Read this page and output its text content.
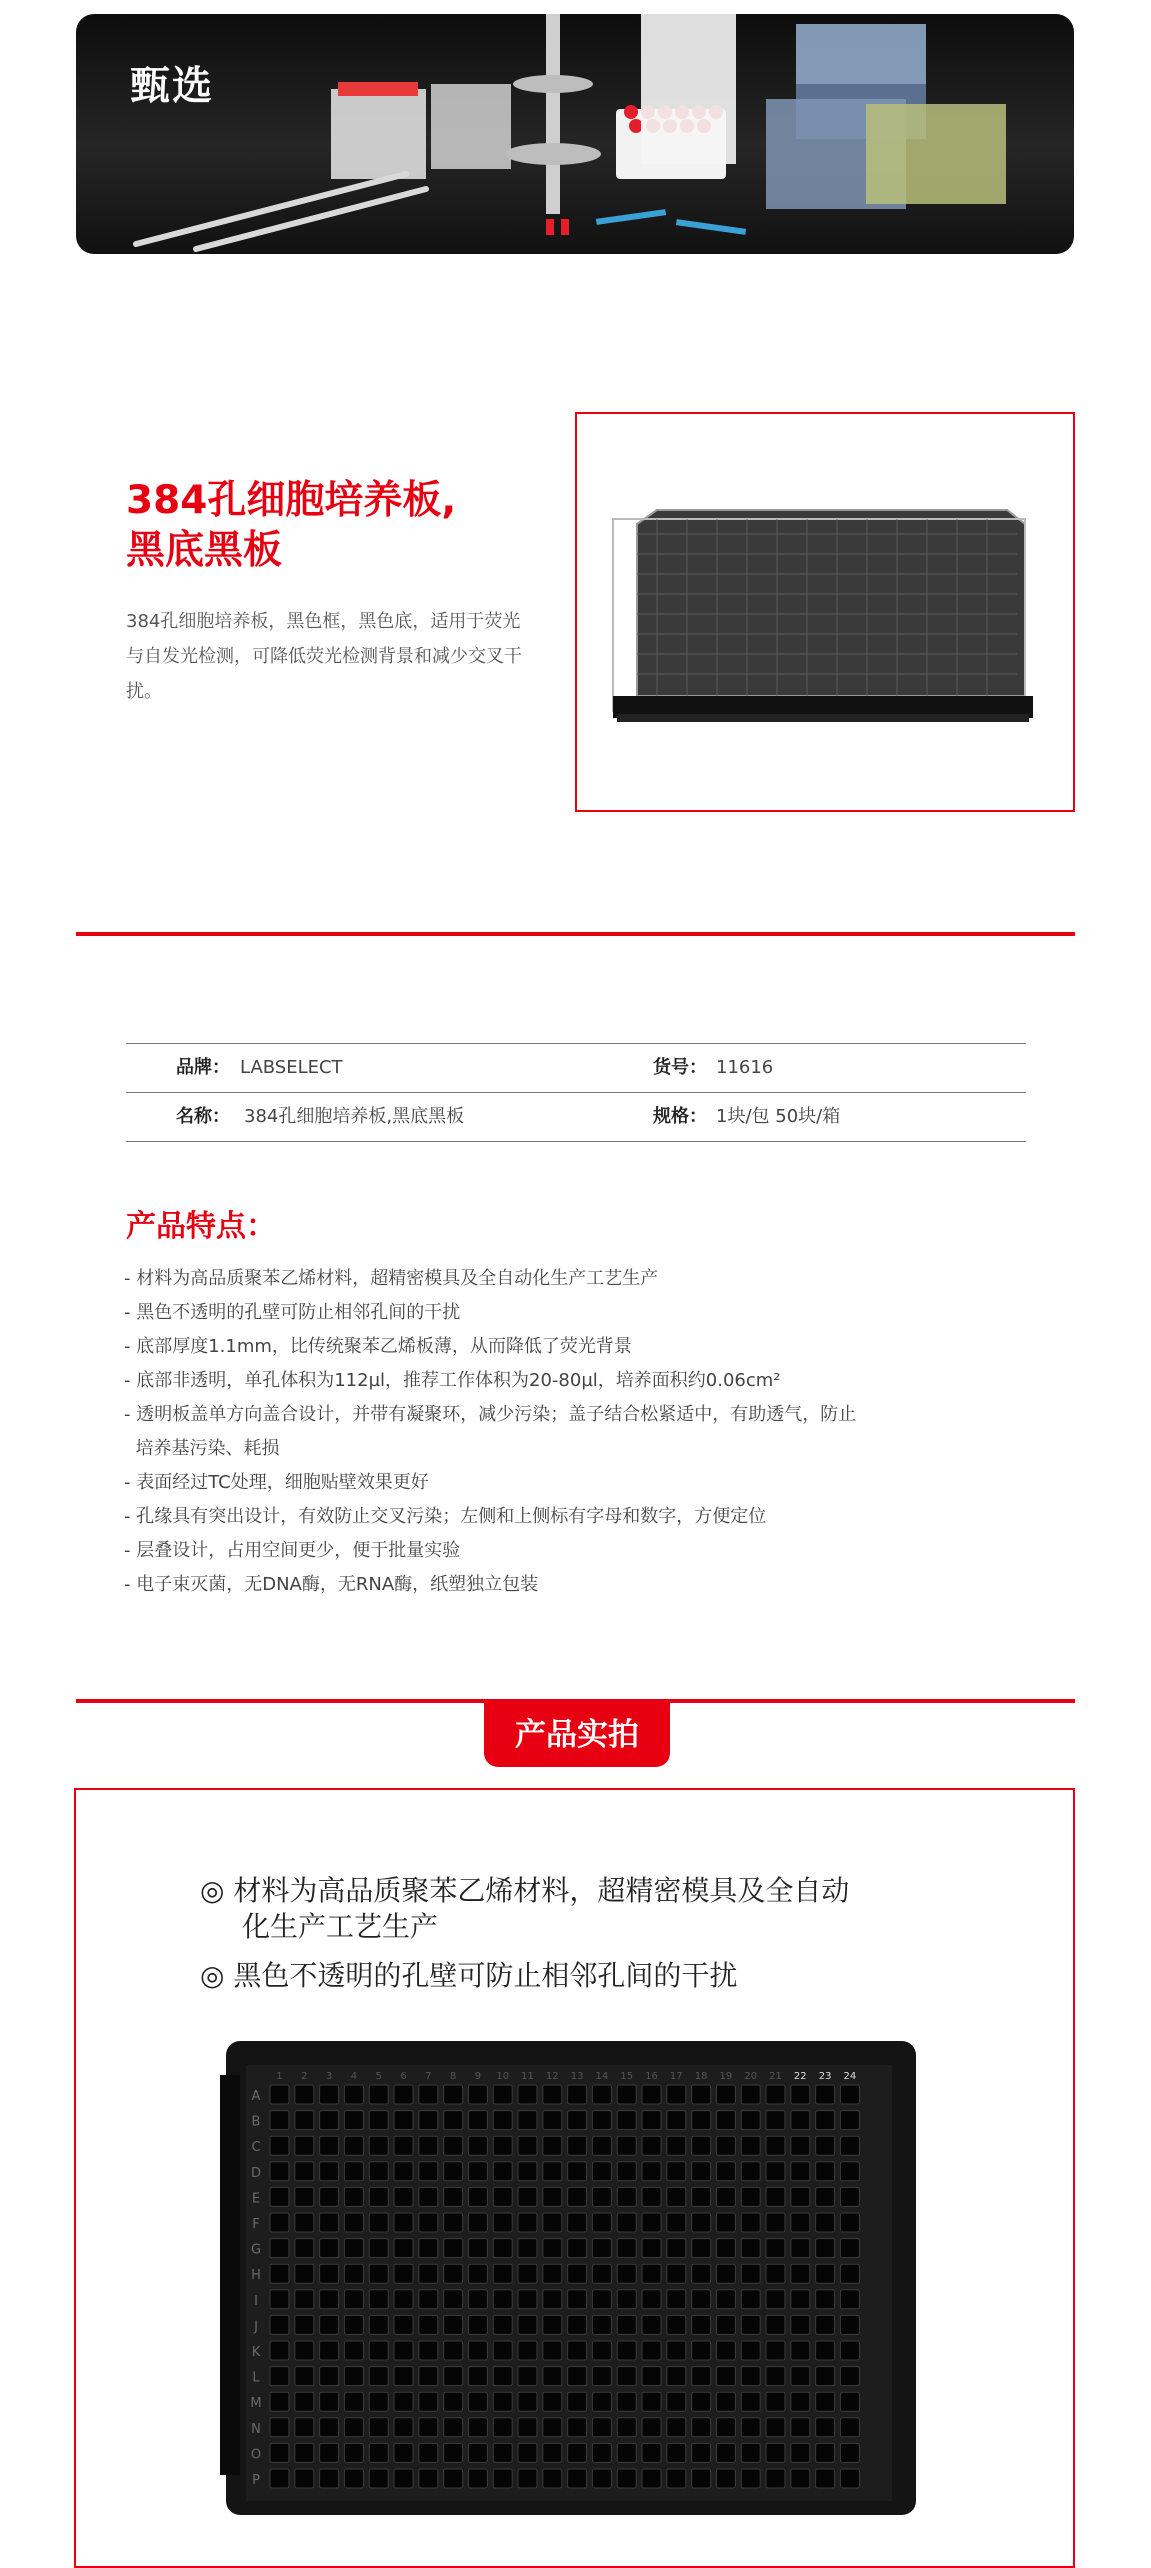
甄选
384孔细胞培养板,
黑底黑板
384孔细胞培养板，黑色框，黑色底，适用于荧光与自发光检测，可降低荧光检测背景和减少交叉干扰。
品牌： LABSELECT	货号： 11616
名称： 384孔细胞培养板,黑底黑板	规格： 1块/包 50块/箱
产品特点：
- 材料为高品质聚苯乙烯材料，超精密模具及全自动化生产工艺生产
- 黑色不透明的孔壁可防止相邻孔间的干扰
- 底部厚度1.1mm，比传统聚苯乙烯板薄，从而降低了荧光背景
- 底部非透明，单孔体积为112µl，推荐工作体积为20-80µl，培养面积约0.06cm²
- 透明板盖单方向盖合设计，并带有凝聚环，减少污染；盖子结合松紧适中，有助透气，防止
培养基污染、耗损
- 表面经过TC处理，细胞贴壁效果更好
- 孔缘具有突出设计，有效防止交叉污染；左侧和上侧标有字母和数字，方便定位
- 层叠设计，占用空间更少，便于批量实验
- 电子束灭菌，无DNA酶，无RNA酶，纸塑独立包装
产品实拍
◎ 材料为高品质聚苯乙烯材料，超精密模具及全自动
化生产工艺生产
◎ 黑色不透明的孔壁可防止相邻孔间的干扰
1 2 3 4 5 6 7 8 9 10 11 12 13 14 15 16 17 18 19 20 21 22 23 24
A
B
C
D
E
F
G
H
I
J
K
L
M
N
O
P
